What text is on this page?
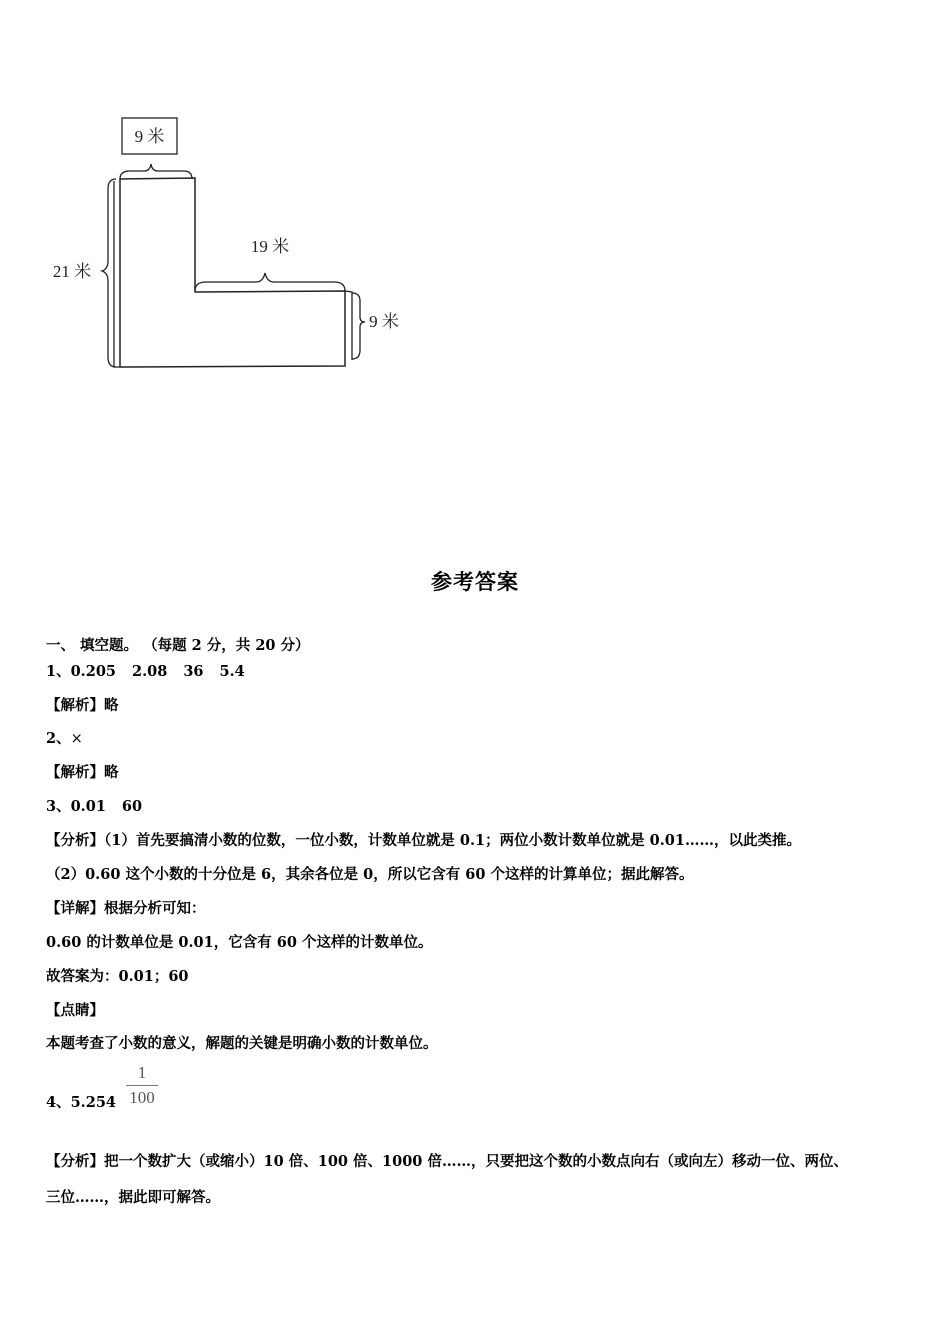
9 米
21 米
19 米
9 米
参考答案
一、 填空题。 （每题 2 分，共 20 分）
1、0.205 2.08 36 5.4
【解析】略
2、×
【解析】略
3、0.01 60
【分析】（1）首先要搞清小数的位数，一位小数，计数单位就是 0.1；两位小数计数单位就是 0.01……，以此类推。
（2）0.60 这个小数的十分位是 6，其余各位是 0，所以它含有 60 个这样的计算单位；据此解答。
【详解】根据分析可知：
0.60 的计数单位是 0.01，它含有 60 个这样的计数单位。
故答案为：0.01；60
【点睛】
本题考查了小数的意义，解题的关键是明确小数的计数单位。
4、5.254
1
100
【分析】把一个数扩大（或缩小）10 倍、100 倍、1000 倍……，只要把这个数的小数点向右（或向左）移动一位、两位、
三位……，据此即可解答。
